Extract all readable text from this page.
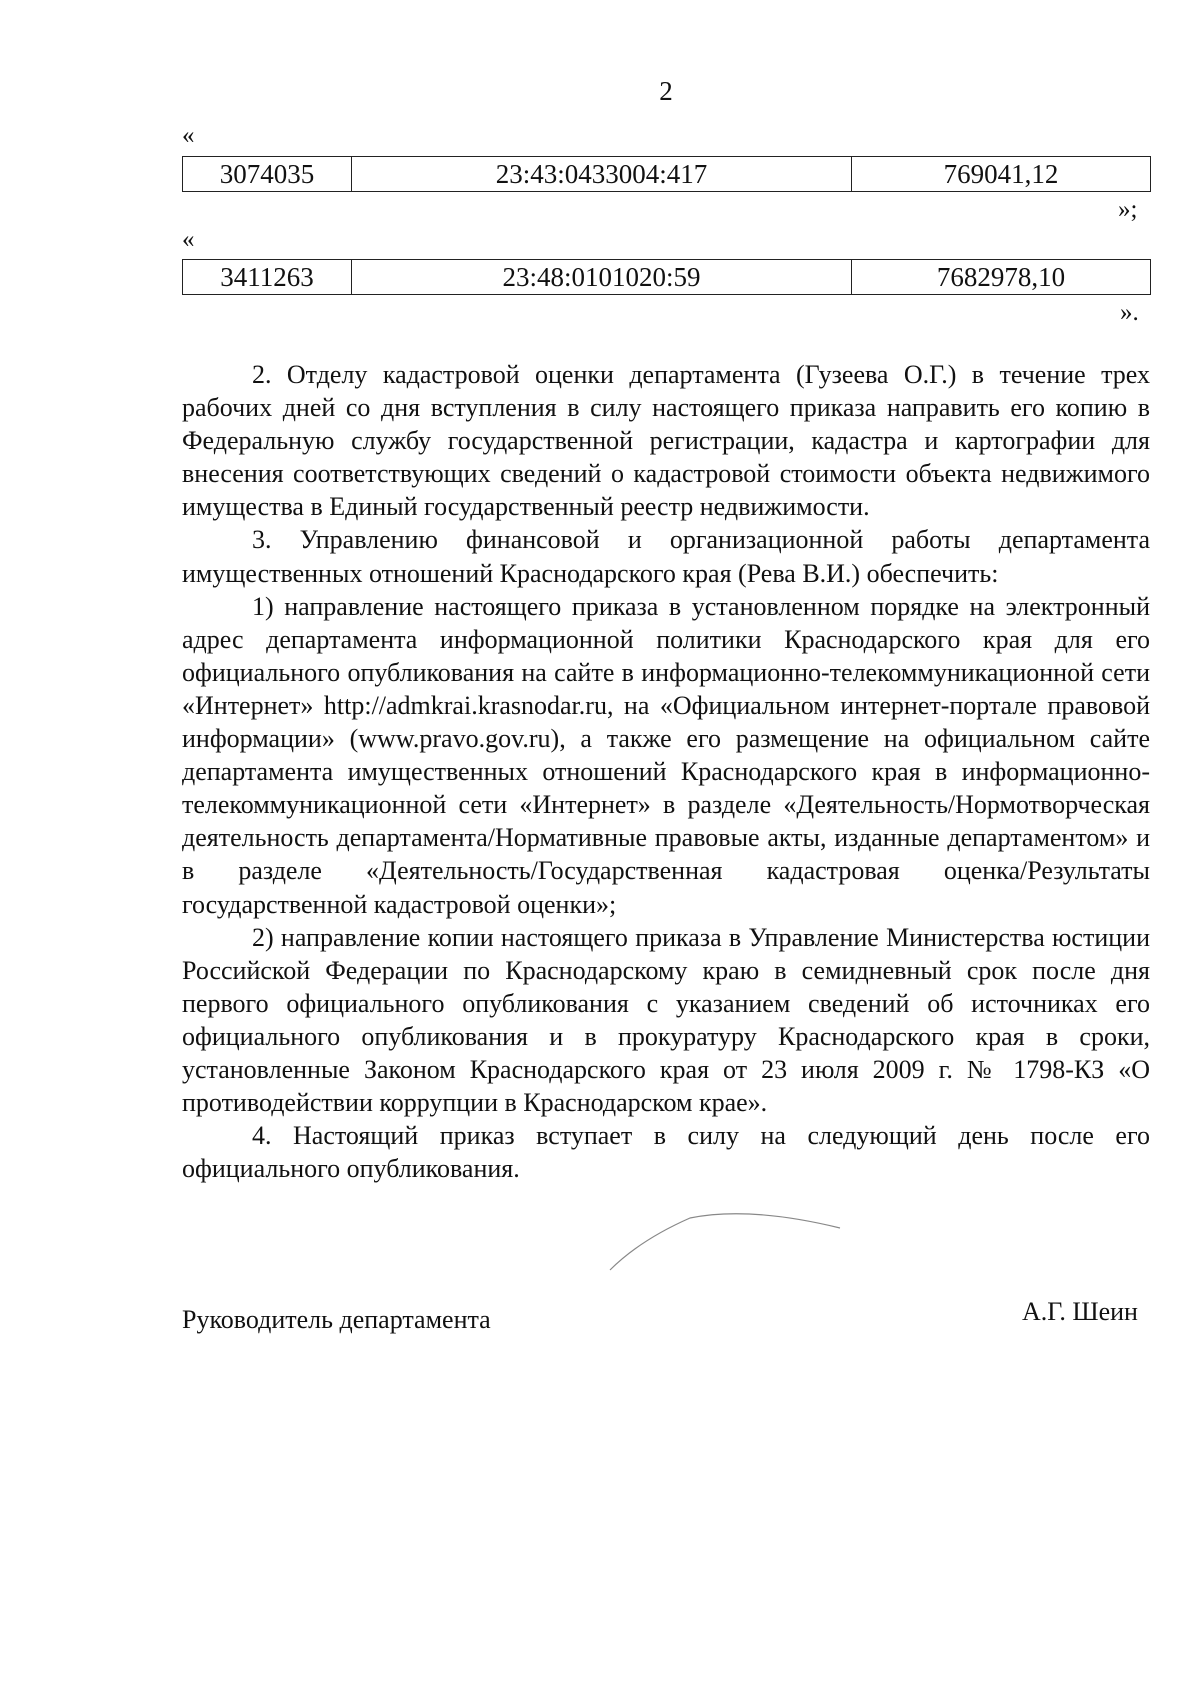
2
«
3074035	23:43:0433004:417	769041,12
»;
«
3411263	23:48:0101020:59	7682978,10
».

2. Отделу кадастровой оценки департамента (Гузеева О.Г.) в течение трех рабочих дней со дня вступления в силу настоящего приказа направить его копию в Федеральную службу государственной регистрации, кадастра и картографии для внесения соответствующих сведений о кадастровой стоимости объекта недвижимого имущества в Единый государственный реестр недвижимости.

3. Управлению финансовой и организационной работы департамента имущественных отношений Краснодарского края (Рева В.И.) обеспечить:

1) направление настоящего приказа в установленном порядке на электронный адрес департамента информационной политики Краснодарского края для его официального опубликования на сайте в информационно-телекоммуникационной сети «Интернет» http://admkrai.krasnodar.ru, на «Официальном интернет-портале правовой информации» (www.pravo.gov.ru), а также его размещение на официальном сайте департамента имущественных отношений Краснодарского края в информационно-телекоммуникационной сети «Интернет» в разделе «Деятельность/Нормотворческая деятельность департамента/Нормативные правовые акты, изданные департаментом» и в разделе «Деятельность/Государственная кадастровая оценка/Результаты государственной кадастровой оценки»;

2) направление копии настоящего приказа в Управление Министерства юстиции Российской Федерации по Краснодарскому краю в семидневный срок после дня первого официального опубликования с указанием сведений об источниках его официального опубликования и в прокуратуру Краснодарского края в сроки, установленные Законом Краснодарского края от 23 июля 2009 г. № 1798-КЗ «О противодействии коррупции в Краснодарском крае».

4. Настоящий приказ вступает в силу на следующий день после его официального опубликования.

Руководитель департамента	А.Г. Шеин
